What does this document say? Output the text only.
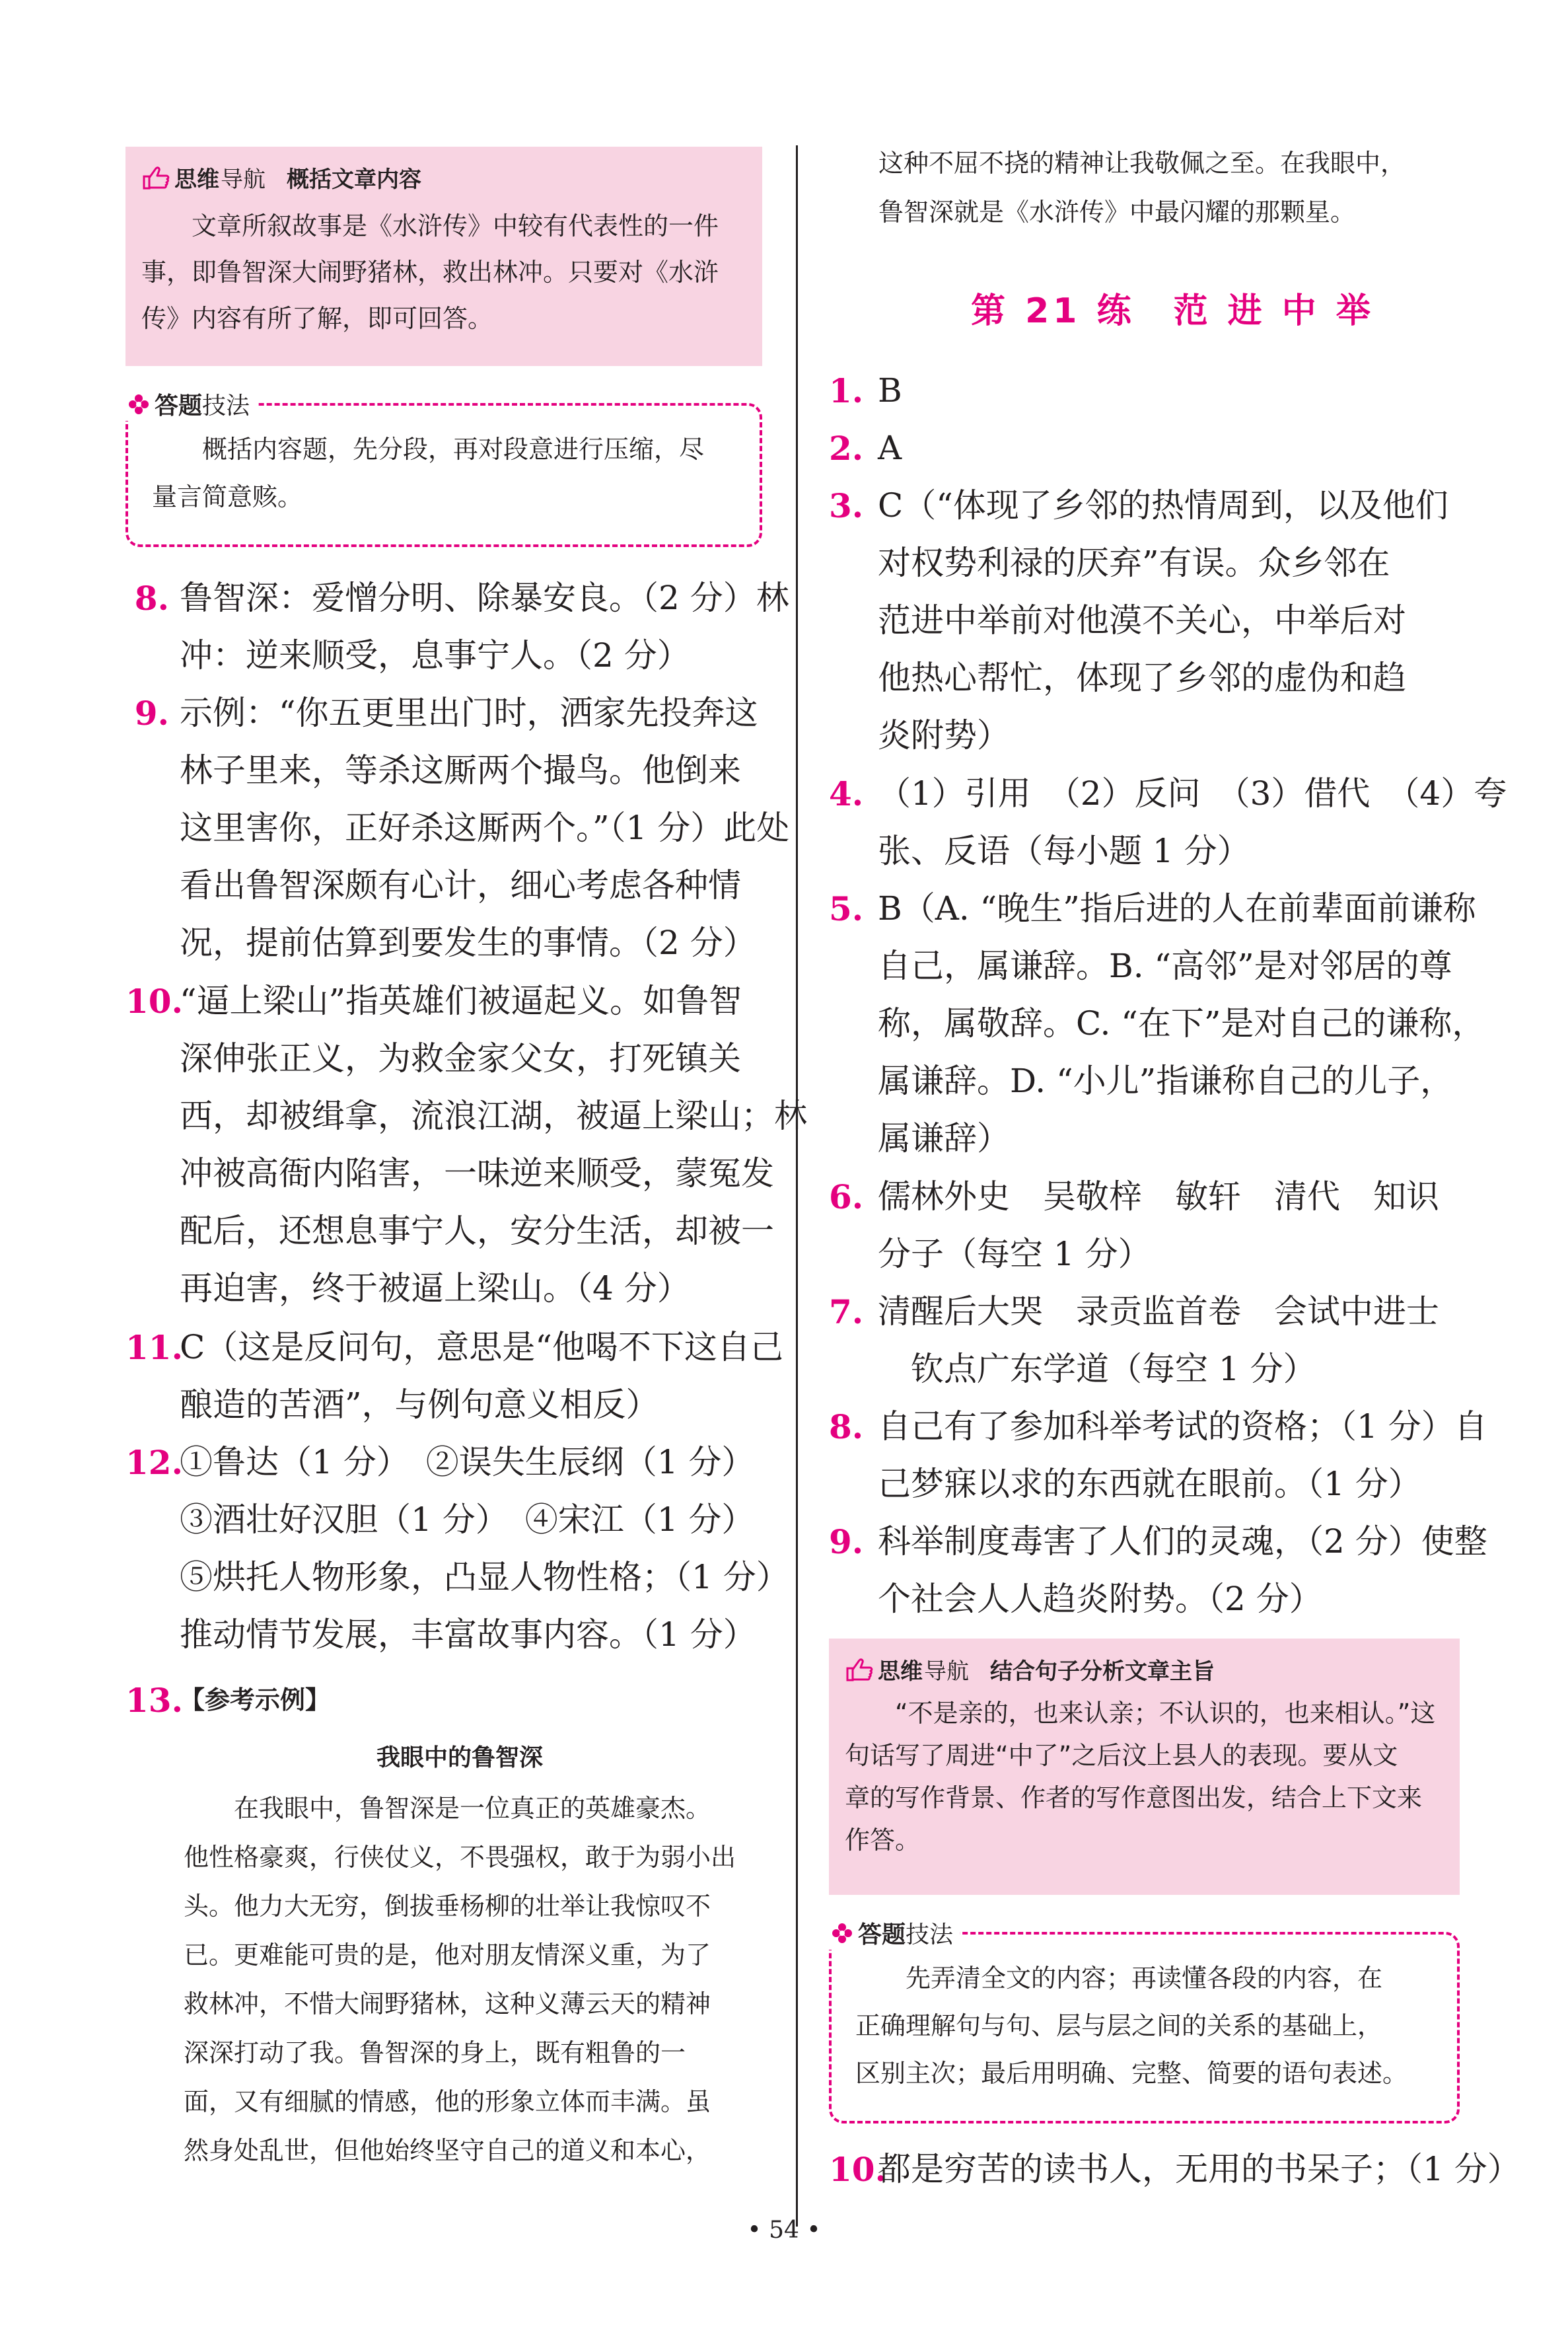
思维 导航 概括文章内容
文章所叙故事是《水浒传》中较有代表性的一件
事，即鲁智深大闹野猪林，救出林冲。只要对《水浒
传》内容有所了解，即可回答。
答题 技法
概括内容题，先分段，再对段意进行压缩，尽
量言简意赅。
8. 鲁智深：爱憎分明、除暴安良。（2 分）林
冲：逆来顺受，息事宁人。（2 分）
9. 示例：“你五更里出门时，洒家先投奔这
林子里来，等杀这厮两个撮鸟。他倒来
这里害你，正好杀这厮两个。”（1 分）此处
看出鲁智深颇有心计，细心考虑各种情
况，提前估算到要发生的事情。（2 分）
10.
“逼上梁山”指英雄们被逼起义。如鲁智
深伸张正义，为救金家父女，打死镇关
西，却被缉拿，流浪江湖，被逼上梁山；林
冲被高衙内陷害，一味逆来顺受，蒙冤发
配后，还想息事宁人，安分生活，却被一
再迫害，终于被逼上梁山。（4 分）
11.
C（这是反问句，意思是“他喝不下这自己
酿造的苦酒”，与例句意义相反）
12.
①鲁达（1 分）　②误失生辰纲（1 分）
③酒壮好汉胆（1 分）　④宋江（1 分）
⑤烘托人物形象，凸显人物性格；（1 分）
推动情节发展，丰富故事内容。（1 分）
13.
【参考示例】
我眼中的鲁智深
　　在我眼中，鲁智深是一位真正的英雄豪杰。
他性格豪爽，行侠仗义，不畏强权，敢于为弱小出
头。他力大无穷，倒拔垂杨柳的壮举让我惊叹不
已。更难能可贵的是，他对朋友情深义重，为了
救林冲，不惜大闹野猪林，这种义薄云天的精神
深深打动了我。鲁智深的身上，既有粗鲁的一
面，又有细腻的情感，他的形象立体而丰满。虽
然身处乱世，但他始终坚守自己的道义和本心，
这种不屈不挠的精神让我敬佩之至。在我眼中，
鲁智深就是《水浒传》中最闪耀的那颗星。
第 21 练　范 进 中 举
1. B
2. A
3. C（“体现了乡邻的热情周到，以及他们
对权势利禄的厌弃”有误。众乡邻在
范进中举前对他漠不关心，中举后对
他热心帮忙，体现了乡邻的虚伪和趋
炎附势）
4. （1）引用　（2）反问　（3）借代　（4）夸
张、反语（每小题 1 分）
5. B（A. “晚生”指后进的人在前辈面前谦称
自己，属谦辞。B. “高邻”是对邻居的尊
称，属敬辞。C. “在下”是对自己的谦称，
属谦辞。D. “小儿”指谦称自己的儿子，
属谦辞）
6. 儒林外史　吴敬梓　敏轩　清代　知识
分子（每空 1 分）
7. 清醒后大哭　录贡监首卷　会试中进士
　钦点广东学道（每空 1 分）
8. 自己有了参加科举考试的资格；（1 分）自
己梦寐以求的东西就在眼前。（1 分）
9. 科举制度毒害了人们的灵魂，（2 分）使整
个社会人人趋炎附势。（2 分）
思维 导航 结合句子分析文章主旨
“不是亲的，也来认亲；不认识的，也来相认。”这
句话写了周进“中了”之后汶上县人的表现。要从文
章的写作背景、作者的写作意图出发，结合上下文来
作答。
答题 技法
先弄清全文的内容；再读懂各段的内容，在
正确理解句与句、层与层之间的关系的基础上，
区别主次；最后用明确、完整、简要的语句表述。
10.
都是穷苦的读书人，无用的书呆子；（1 分）
• 54 •
